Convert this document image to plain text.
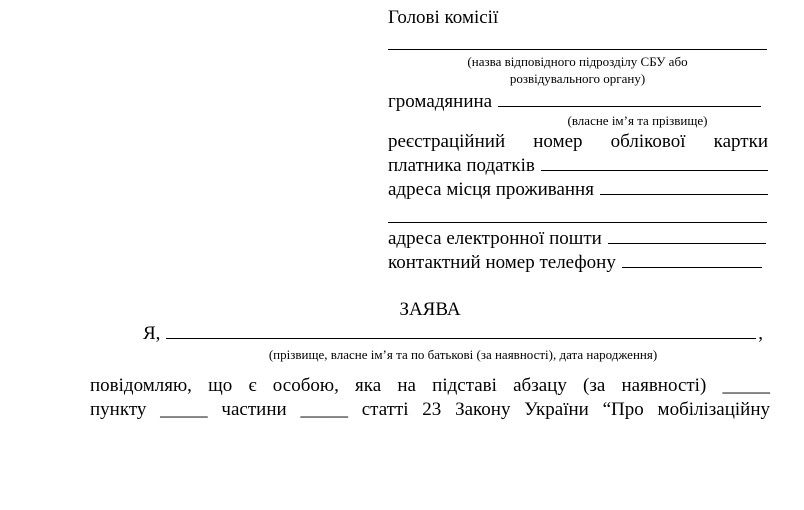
Голові комісії
(назва відповідного підрозділу СБУ або
розвідувального органу)
громадянина
(власне ім’я та прізвище)
реєстраційний номер облікової картки
платника податків
адреса місця проживання
адреса електронної пошти
контактний номер телефону
ЗАЯВА
Я,	,
(прізвище, власне ім’я та по батькові (за наявності), дата народження)
повідомляю, що є особою, яка на підставі абзацу (за наявності) _____
пункту _____ частини _____ статті 23 Закону України “Про мобілізаційну
